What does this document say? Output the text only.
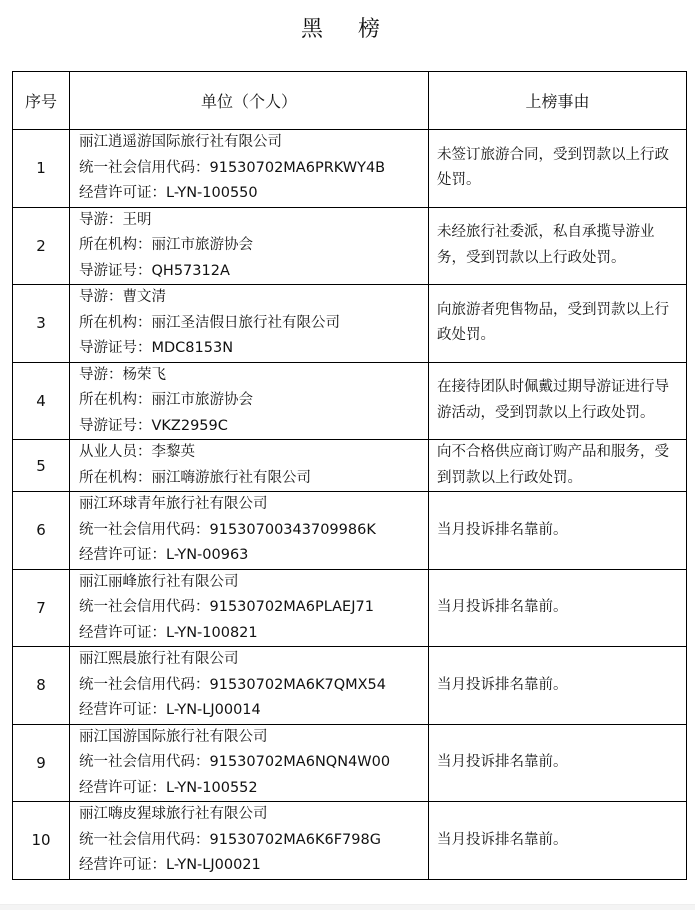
黑 榜
序号	单位（个人）	上榜事由
1	丽江逍遥游国际旅行社有限公司
统一社会信用代码：91530702MA6PRKWY4B
经营许可证：L-YN-100550	未签订旅游合同，受到罚款以上行政处罚。
2	导游：王明
所在机构：丽江市旅游协会
导游证号：QH57312A	未经旅行社委派，私自承揽导游业务，受到罚款以上行政处罚。
3	导游：曹文清
所在机构：丽江圣洁假日旅行社有限公司
导游证号：MDC8153N	向旅游者兜售物品，受到罚款以上行政处罚。
4	导游：杨荣飞
所在机构：丽江市旅游协会
导游证号：VKZ2959C	在接待团队时佩戴过期导游证进行导游活动，受到罚款以上行政处罚。
5	从业人员：李黎英
所在机构：丽江嗨游旅行社有限公司	向不合格供应商订购产品和服务，受到罚款以上行政处罚。
6	丽江环球青年旅行社有限公司
统一社会信用代码：91530700343709986K
经营许可证：L-YN-00963	当月投诉排名靠前。
7	丽江丽峰旅行社有限公司
统一社会信用代码：91530702MA6PLAEJ71
经营许可证：L-YN-100821	当月投诉排名靠前。
8	丽江熙晨旅行社有限公司
统一社会信用代码：91530702MA6K7QMX54
经营许可证：L-YN-LJ00014	当月投诉排名靠前。
9	丽江国游国际旅行社有限公司
统一社会信用代码：91530702MA6NQN4W00
经营许可证：L-YN-100552	当月投诉排名靠前。
10	丽江嗨皮猩球旅行社有限公司
统一社会信用代码：91530702MA6K6F798G
经营许可证：L-YN-LJ00021	当月投诉排名靠前。
